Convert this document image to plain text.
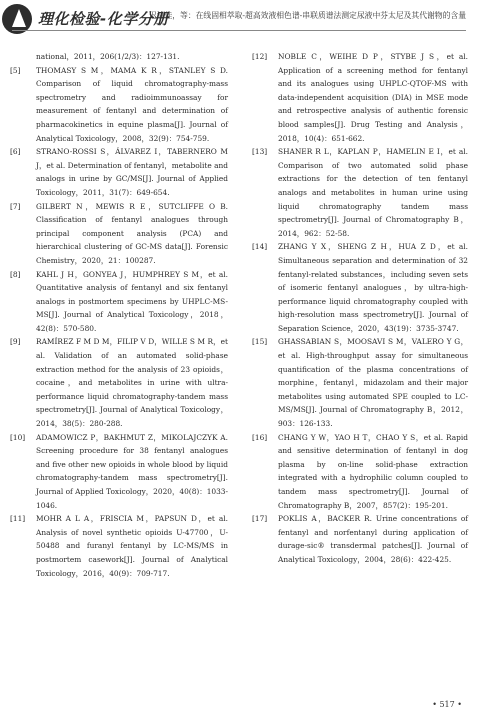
理化检验-化学分册
迟清佳，等：在线固相萃取-超高效液相色谱-串联质谱法测定尿液中芬太尼及其代谢物的含量

national，2011，206(1/2/3)：127-131.

[5] THOMASY S M，MAMA K R，STANLEY S D. Comparison of liquid chromatography-mass spectrometry and radioimmunoassay for measurement of fentanyl and determination of pharmacokinetics in equine plasma[J]. Journal of Analytical Toxicology，2008，32(9)：754-759.

[6] STRANO-ROSSI S，ÁLVAREZ I，TABERNERO M J，et al. Determination of fentanyl，metabolite and analogs in urine by GC/MS[J]. Journal of Applied Toxicology，2011，31(7)：649-654.

[7] GILBERT N，MEWIS R E，SUTCLIFFE O B. Classification of fentanyl analogues through principal component analysis (PCA) and hierarchical clustering of GC-MS data[J]. Forensic Chemistry，2020，21：100287.

[8] KAHL J H，GONYEA J，HUMPHREY S M，et al. Quantitative analysis of fentanyl and six fentanyl analogs in postmortem specimens by UHPLC-MS-MS[J]. Journal of Analytical Toxicology，2018，42(8)：570-580.

[9] RAMÍREZ F M D M，FILIP V D，WILLE S M R，et al. Validation of an automated solid-phase extraction method for the analysis of 23 opioids，cocaine，and metabolites in urine with ultra-performance liquid chromatography-tandem mass spectrometry[J]. Journal of Analytical Toxicology，2014，38(5)：280-288.

[10] ADAMOWICZ P，BAKHMUT Z，MIKOLAJCZYK A. Screening procedure for 38 fentanyl analogues and five other new opioids in whole blood by liquid chromatography-tandem mass spectrometry[J]. Journal of Applied Toxicology，2020，40(8)：1033-1046.

[11] MOHR A L A，FRISCIA M，PAPSUN D，et al. Analysis of novel synthetic opioids U-47700，U-50488 and furanyl fentanyl by LC-MS/MS in postmortem casework[J]. Journal of Analytical Toxicology，2016，40(9)：709-717.

[12] NOBLE C，WEIHE D P，STYBE J S，et al. Application of a screening method for fentanyl and its analogues using UHPLC-QTOF-MS with data-independent acquisition (DIA) in MSE mode and retrospective analysis of authentic forensic blood samples[J]. Drug Testing and Analysis，2018，10(4)：651-662.

[13] SHANER R L，KAPLAN P，HAMELIN E I，et al. Comparison of two automated solid phase extractions for the detection of ten fentanyl analogs and metabolites in human urine using liquid chromatography tandem mass spectrometry[J]. Journal of Chromatography B，2014，962：52-58.

[14] ZHANG Y X，SHENG Z H，HUA Z D，et al. Simultaneous separation and determination of 32 fentanyl-related substances，including seven sets of isomeric fentanyl analogues，by ultra-high-performance liquid chromatography coupled with high-resolution mass spectrometry[J]. Journal of Separation Science，2020，43(19)：3735-3747.

[15] GHASSABIAN S，MOOSAVI S M，VALERO Y G，et al. High-throughput assay for simultaneous quantification of the plasma concentrations of morphine，fentanyl，midazolam and their major metabolites using automated SPE coupled to LC-MS/MS[J]. Journal of Chromatography B，2012，903：126-133.

[16] CHANG Y W，YAO H T，CHAO Y S，et al. Rapid and sensitive determination of fentanyl in dog plasma by on-line solid-phase extraction integrated with a hydrophilic column coupled to tandem mass spectrometry[J]. Journal of Chromatography B，2007，857(2)：195-201.

[17] POKLIS A，BACKER R. Urine concentrations of fentanyl and norfentanyl during application of durage-sic® transdermal patches[J]. Journal of Analytical Toxicology，2004，28(6)：422-425.

• 517 •
